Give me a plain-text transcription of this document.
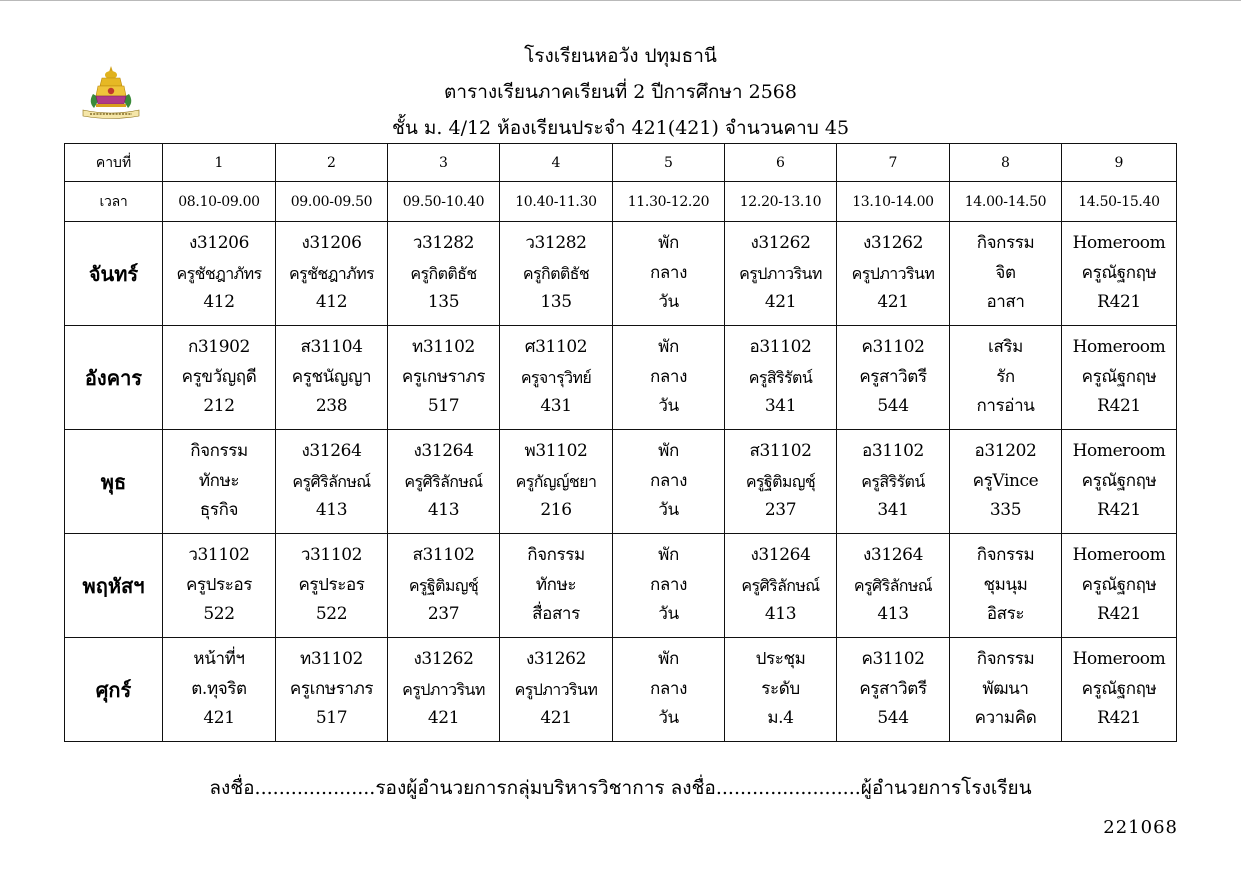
โรงเรียนหอวัง ปทุมธานี
ตารางเรียนภาคเรียนที่ 2 ปีการศึกษา 2568
ชั้น ม. 4/12 ห้องเรียนประจำ 421(421) จำนวนคาบ 45
คาบที่	1	2	3	4	5	6	7	8	9
เวลา	08.10-09.00	09.00-09.50	09.50-10.40	10.40-11.30	11.30-12.20	12.20-13.10	13.10-14.00	14.00-14.50	14.50-15.40
จันทร์	ง31206
ครูชัชฎาภัทร
412	ง31206
ครูชัชฎาภัทร
412	ว31282
ครูกิตติธัช
135	ว31282
ครูกิตติธัช
135	พัก
กลาง
วัน	ง31262
ครูปภาวรินท
421	ง31262
ครูปภาวรินท
421	กิจกรรม
จิต
อาสา	Homeroom
ครูณัฐกฤษ
R421

อังคาร	ก31902
ครูขวัญฤดี
212	ส31104
ครูชนัญญา
238	ท31102
ครูเกษราภร
517	ศ31102
ครูจารุวิทย์
431	พัก
กลาง
วัน	อ31102
ครูสิริรัตน์
341	ค31102
ครูสาวิตรี
544	เสริม
รัก
การอ่าน	Homeroom
ครูณัฐกฤษ
R421

พุธ	กิจกรรม
ทักษะ
ธุรกิจ	ง31264
ครูศิริลักษณ์
413	ง31264
ครูศิริลักษณ์
413	พ31102
ครูกัญญ์ชยา
216	พัก
กลาง
วัน	ส31102
ครูฐิติมญชุ์
237	อ31102
ครูสิริรัตน์
341	อ31202
ครูVince
335	Homeroom
ครูณัฐกฤษ
R421

พฤหัสฯ	ว31102
ครูประอร
522	ว31102
ครูประอร
522	ส31102
ครูฐิติมญชุ์
237	กิจกรรม
ทักษะ
สื่อสาร	พัก
กลาง
วัน	ง31264
ครูศิริลักษณ์
413	ง31264
ครูศิริลักษณ์
413	กิจกรรม
ชุมนุม
อิสระ	Homeroom
ครูณัฐกฤษ
R421

ศุกร์	หน้าที่ฯ
ต.ทุจริต
421	ท31102
ครูเกษราภร
517	ง31262
ครูปภาวรินท
421	ง31262
ครูปภาวรินท
421	พัก
กลาง
วัน	ประชุม
ระดับ
ม.4	ค31102
ครูสาวิตรี
544	กิจกรรม
พัฒนา
ความคิด	Homeroom
ครูณัฐกฤษ
R421
ลงชื่อ....................รองผู้อำนวยการกลุ่มบริหารวิชาการ ลงชื่อ........................ผู้อำนวยการโรงเรียน
221068
